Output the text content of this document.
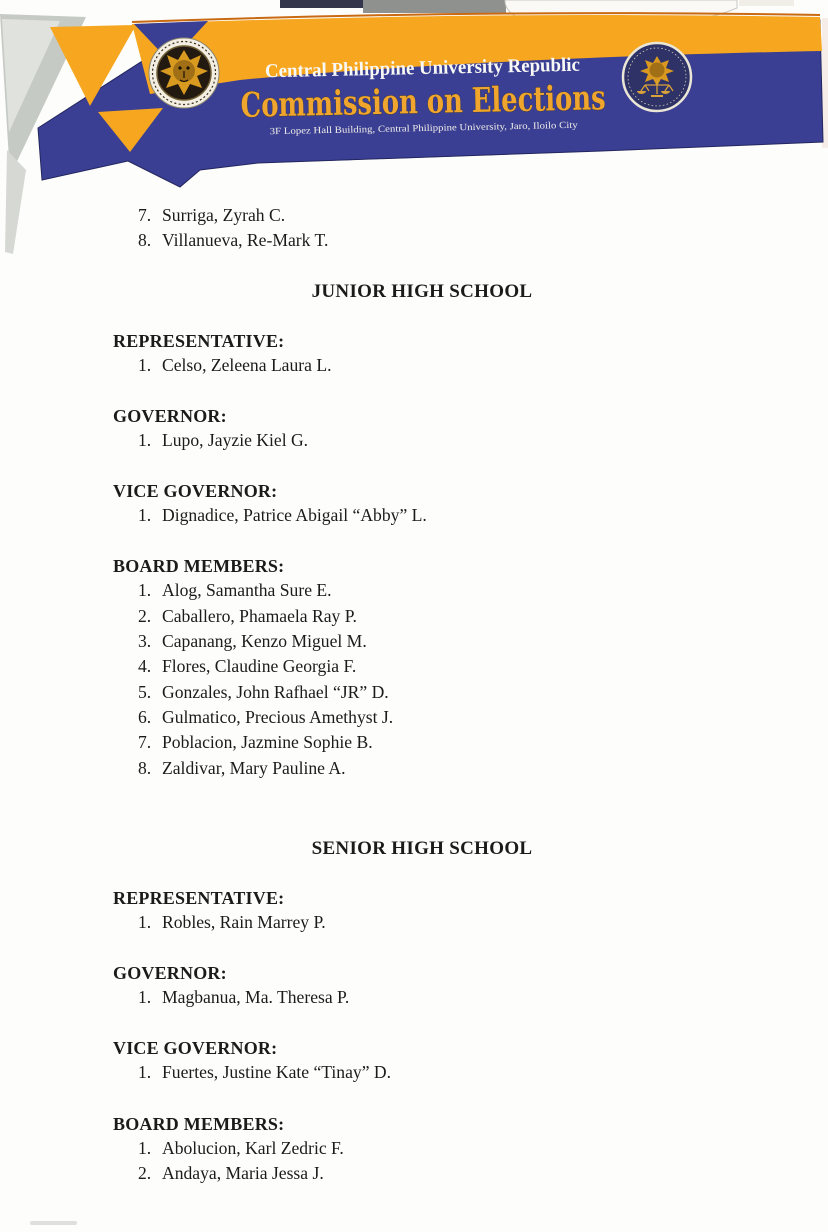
Central Philippine University Republic
Commission on Elections
3F Lopez Hall Building, Central Philippine University, Jaro, Iloilo City
7. Surriga, Zyrah C.
8. Villanueva, Re-Mark T.
JUNIOR HIGH SCHOOL
REPRESENTATIVE:
1. Celso, Zeleena Laura L.
GOVERNOR:
1. Lupo, Jayzie Kiel G.
VICE GOVERNOR:
1. Dignadice, Patrice Abigail “Abby” L.
BOARD MEMBERS:
1. Alog, Samantha Sure E.
2. Caballero, Phamaela Ray P.
3. Capanang, Kenzo Miguel M.
4. Flores, Claudine Georgia F.
5. Gonzales, John Rafhael “JR” D.
6. Gulmatico, Precious Amethyst J.
7. Poblacion, Jazmine Sophie B.
8. Zaldivar, Mary Pauline A.
SENIOR HIGH SCHOOL
REPRESENTATIVE:
1. Robles, Rain Marrey P.
GOVERNOR:
1. Magbanua, Ma. Theresa P.
VICE GOVERNOR:
1. Fuertes, Justine Kate “Tinay” D.
BOARD MEMBERS:
1. Abolucion, Karl Zedric F.
2. Andaya, Maria Jessa J.
